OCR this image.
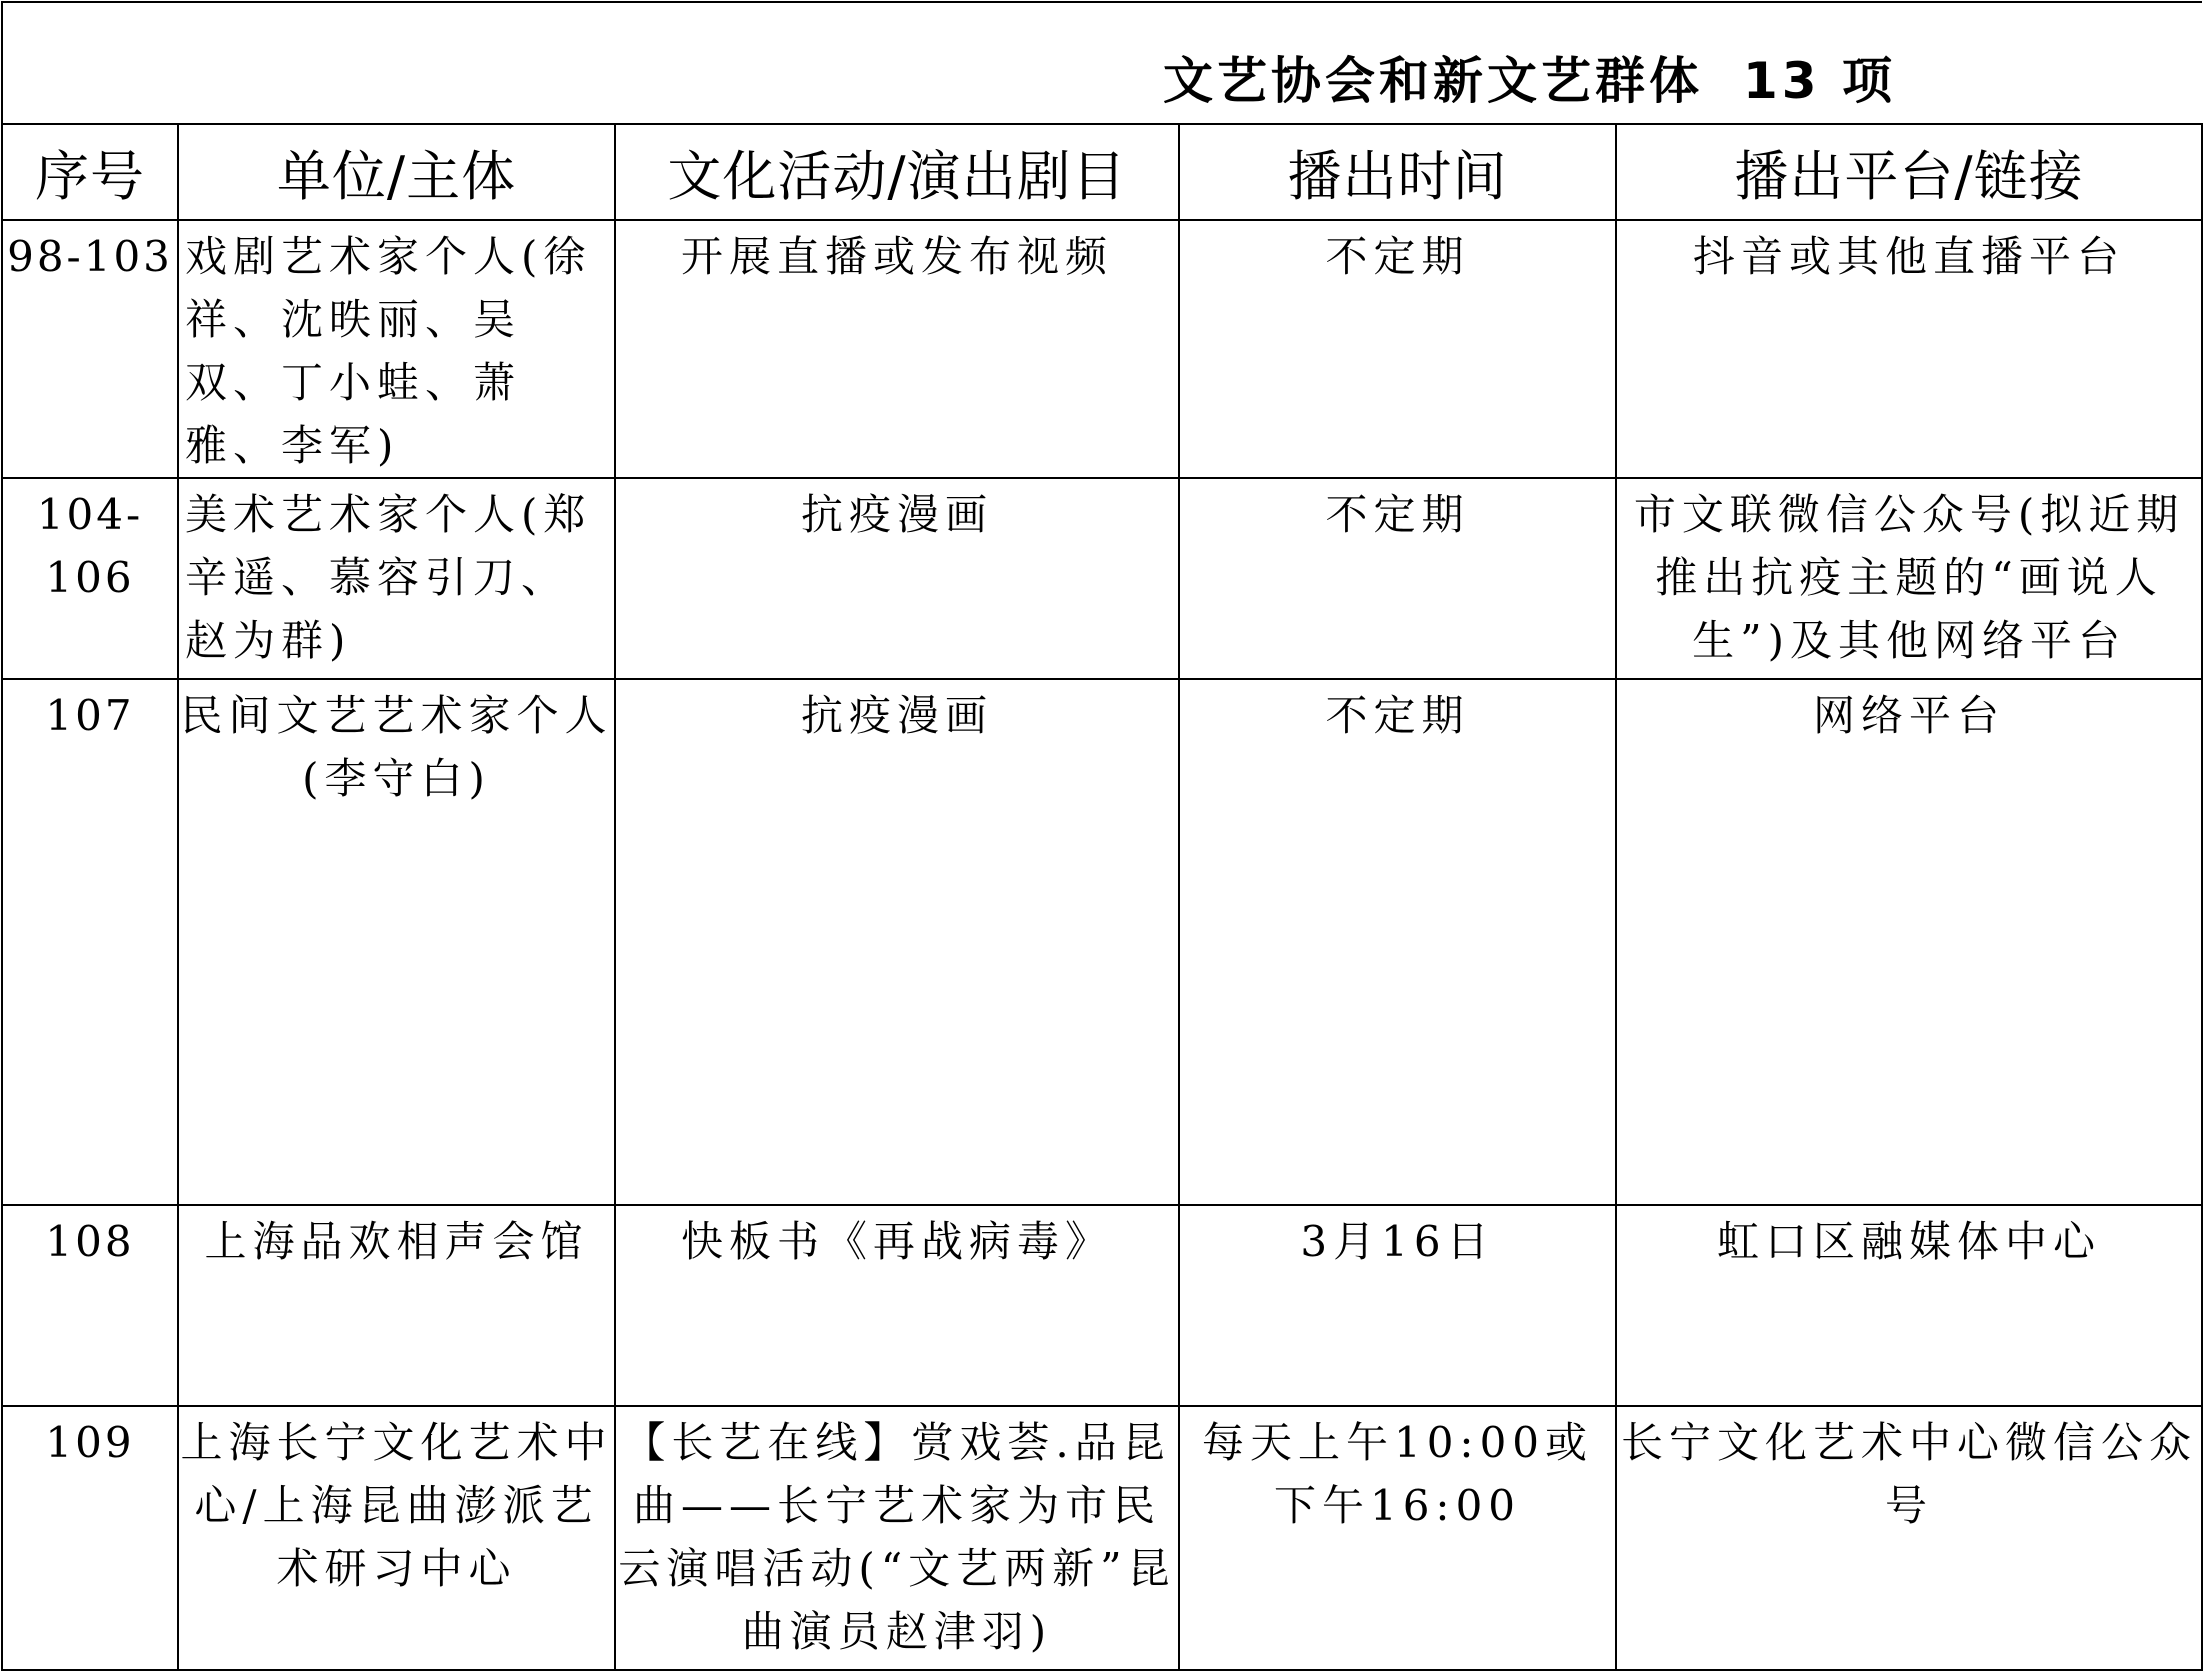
文艺协会和新文艺群体 13 项				

序号	单位/主体	文化活动/演出剧目	播出时间	播出平台/链接
98-103	戏剧艺术家个人(徐祥、沈昳丽、吴双、丁小蛙、萧雅、李军)	开展直播或发布视频	不定期	抖音或其他直播平台
104-106	美术艺术家个人(郑辛遥、慕容引刀、赵为群)	抗疫漫画	不定期	市文联微信公众号(拟近期推出抗疫主题的“画说人生”)及其他网络平台
107	民间文艺艺术家个人(李守白)	抗疫漫画	不定期	网络平台
108	上海品欢相声会馆	快板书《再战病毒》	3月16日	虹口区融媒体中心
109	上海长宁文化艺术中心/上海昆曲澎派艺术研习中心	【长艺在线】赏戏荟.品昆曲——长宁艺术家为市民云演唱活动(“文艺两新”昆曲演员赵津羽)	每天上午10:00或下午16:00	长宁文化艺术中心微信公众号
